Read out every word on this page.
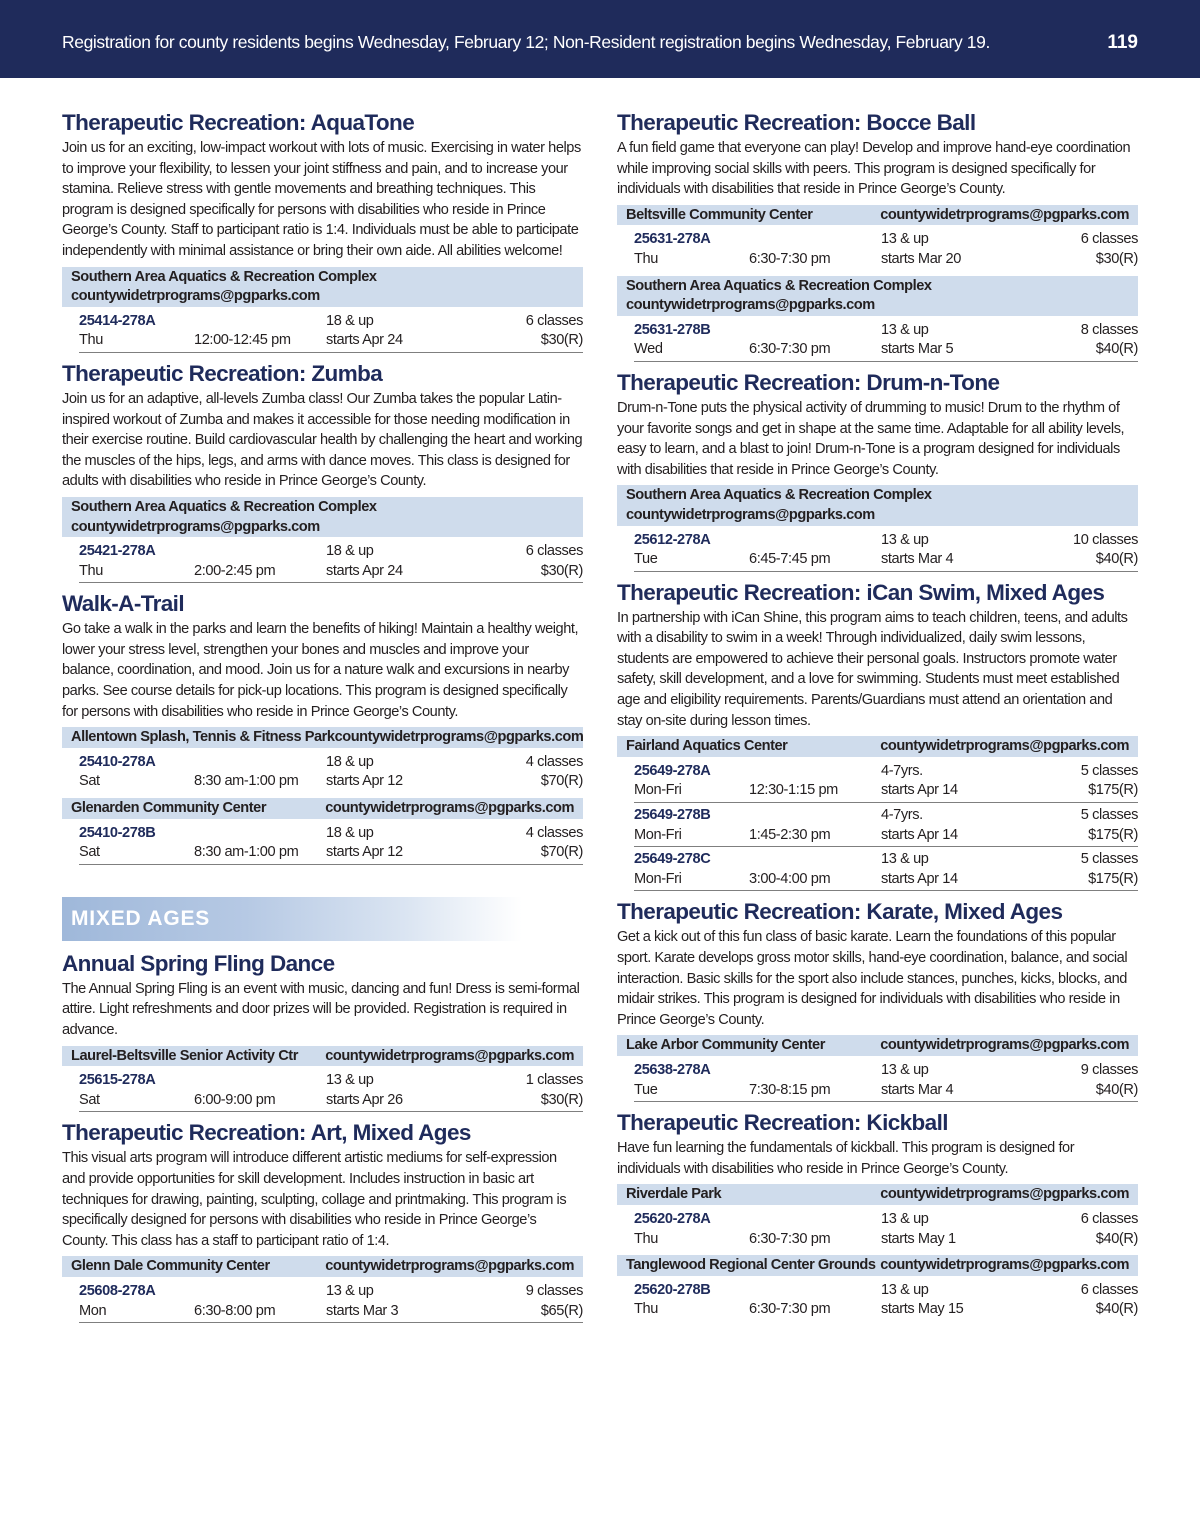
Registration for county residents begins Wednesday, February 12; Non-Resident registration begins Wednesday, February 19.	119
Therapeutic Recreation: AquaTone

Join us for an exciting, low-impact workout with lots of music. Exercising in water helps to improve your flexibility, to lessen your joint stiffness and pain, and to increase your stamina. Relieve stress with gentle movements and breathing techniques. This program is designed specifically for persons with disabilities who reside in Prince George’s County. Staff to participant ratio is 1:4. Individuals must be able to participate independently with minimal assistance or bring their own aide. All abilities welcome!

Southern Area Aquatics & Recreation Complex
countywidetrprograms@pgparks.com
25414-278A	18 & up	6 classes
Thu	12:00-12:45 pm	starts Apr 24	$30(R)
Therapeutic Recreation: Zumba

Join us for an adaptive, all-levels Zumba class! Our Zumba takes the popular Latin-inspired workout of Zumba and makes it accessible for those needing modification in their exercise routine. Build cardiovascular health by challenging the heart and working the muscles of the hips, legs, and arms with dance moves. This class is designed for adults with disabilities who reside in Prince George’s County.

Southern Area Aquatics & Recreation Complex
countywidetrprograms@pgparks.com
25421-278A	18 & up	6 classes
Thu	2:00-2:45 pm	starts Apr 24	$30(R)
Walk-A-Trail

Go take a walk in the parks and learn the benefits of hiking! Maintain a healthy weight, lower your stress level, strengthen your bones and muscles and improve your balance, coordination, and mood. Join us for a nature walk and excursions in nearby parks. See course details for pick-up locations. This program is designed specifically for persons with disabilities who reside in Prince George’s County.

Allentown Splash, Tennis & Fitness Park countywidetrprograms@pgparks.com
25410-278A	18 & up	4 classes
Sat	8:30 am-1:00 pm	starts Apr 12	$70(R)
Glenarden Community Center	countywidetrprograms@pgparks.com
25410-278B	18 & up	4 classes
Sat	8:30 am-1:00 pm	starts Apr 12	$70(R)
MIXED AGES
Annual Spring Fling Dance

The Annual Spring Fling is an event with music, dancing and fun! Dress is semi-formal attire. Light refreshments and door prizes will be provided. Registration is required in advance.

Laurel-Beltsville Senior Activity Ctr countywidetrprograms@pgparks.com
25615-278A	13 & up	1 classes
Sat	6:00-9:00 pm	starts Apr 26	$30(R)
Therapeutic Recreation: Art, Mixed Ages

This visual arts program will introduce different artistic mediums for self-expression and provide opportunities for skill development. Includes instruction in basic art techniques for drawing, painting, sculpting, collage and printmaking. This program is specifically designed for persons with disabilities who reside in Prince George’s County. This class has a staff to participant ratio of 1:4.

Glenn Dale Community Center	countywidetrprograms@pgparks.com
25608-278A	13 & up	9 classes
Mon	6:30-8:00 pm	starts Mar 3	$65(R)
Therapeutic Recreation: Bocce Ball

A fun field game that everyone can play! Develop and improve hand-eye coordination while improving social skills with peers. This program is designed specifically for individuals with disabilities that reside in Prince George’s County.

Beltsville Community Center	countywidetrprograms@pgparks.com
25631-278A	13 & up	6 classes
Thu	6:30-7:30 pm	starts Mar 20	$30(R)
Southern Area Aquatics & Recreation Complex
countywidetrprograms@pgparks.com
25631-278B	13 & up	8 classes
Wed	6:30-7:30 pm	starts Mar 5	$40(R)
Therapeutic Recreation: Drum-n-Tone

Drum-n-Tone puts the physical activity of drumming to music! Drum to the rhythm of your favorite songs and get in shape at the same time. Adaptable for all ability levels, easy to learn, and a blast to join! Drum-n-Tone is a program designed for individuals with disabilities that reside in Prince George’s County.

Southern Area Aquatics & Recreation Complex
countywidetrprograms@pgparks.com
25612-278A	13 & up	10 classes
Tue	6:45-7:45 pm	starts Mar 4	$40(R)
Therapeutic Recreation: iCan Swim, Mixed Ages

In partnership with iCan Shine, this program aims to teach children, teens, and adults with a disability to swim in a week! Through individualized, daily swim lessons, students are empowered to achieve their personal goals. Instructors promote water safety, skill development, and a love for swimming. Students must meet established age and eligibility requirements. Parents/Guardians must attend an orientation and stay on-site during lesson times.

Fairland Aquatics Center	countywidetrprograms@pgparks.com
25649-278A	4-7yrs.	5 classes
Mon-Fri	12:30-1:15 pm	starts Apr 14	$175(R)
25649-278B	4-7yrs.	5 classes
Mon-Fri	1:45-2:30 pm	starts Apr 14	$175(R)
25649-278C	13 & up	5 classes
Mon-Fri	3:00-4:00 pm	starts Apr 14	$175(R)
Therapeutic Recreation: Karate, Mixed Ages

Get a kick out of this fun class of basic karate. Learn the foundations of this popular sport. Karate develops gross motor skills, hand-eye coordination, balance, and social interaction. Basic skills for the sport also include stances, punches, kicks, blocks, and midair strikes. This program is designed for individuals with disabilities who reside in Prince George’s County.

Lake Arbor Community Center	countywidetrprograms@pgparks.com
25638-278A	13 & up	9 classes
Tue	7:30-8:15 pm	starts Mar 4	$40(R)
Therapeutic Recreation: Kickball

Have fun learning the fundamentals of kickball. This program is designed for individuals with disabilities who reside in Prince George’s County.

Riverdale Park	countywidetrprograms@pgparks.com
25620-278A	13 & up	6 classes
Thu	6:30-7:30 pm	starts May 1	$40(R)
Tanglewood Regional Center Grounds countywidetrprograms@pgparks.com
25620-278B	13 & up	6 classes
Thu	6:30-7:30 pm	starts May 15	$40(R)
